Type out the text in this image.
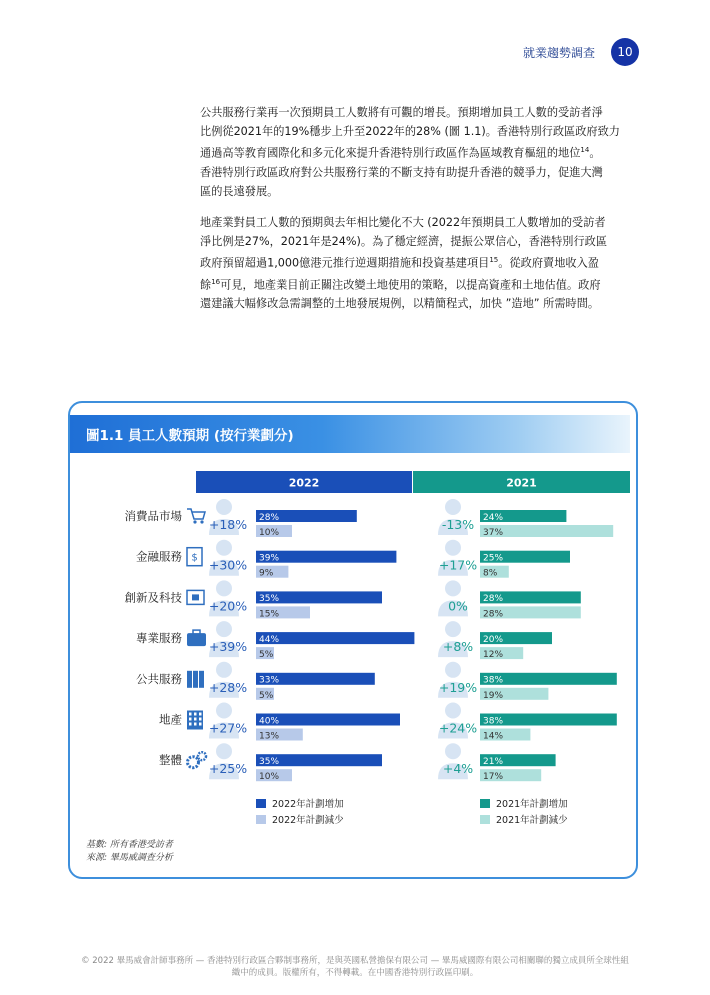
就業趨勢調查	10
公共服務行業再一次預期員工人數將有可觀的增長。預期增加員工人數的受訪者淨
比例從2021年的19%穩步上升至2022年的28% (圖 1.1)。香港特別行政區政府致力
通過高等教育國際化和多元化來提升香港特別行政區作為區域教育樞紐的地位$^{14}$。
香港特別行政區政府對公共服務行業的不斷支持有助提升香港的競爭力，促進大灣
區的長遠發展。
地產業對員工人數的預期與去年相比變化不大 (2022年預期員工人數增加的受訪者
淨比例是27%，2021年是24%)。為了穩定經濟，提振公眾信心，香港特別行政區
政府預留超過1,000億港元推行逆週期措施和投資基建項目$^{15}$。從政府賣地收入盈
餘$^{16}$可見，地產業目前正關注改變土地使用的策略，以提高資產和土地估值。政府
還建議大幅修改急需調整的土地發展規例，以精簡程式，加快 ”造地” 所需時間。
圖1.1 員工人數預期 (按行業劃分)
2022	2021
消費品市場
+18% 28%
10%
-13% 24%
37%
金融服務 $ +30% 39%
9%
+17% 25%
8%
創新及科技
+20% 35%
15%
0% 28%
28%
專業服務
+39% 44%
5%
+8% 20%
12%
公共服務
+28% 33%
5%
+19% 38%
19%
地產
+27% 40%
13%
+24% 38%
14%
整體
+25% 35%
10%
+4% 21%
17%
2022年計劃增加
2022年計劃減少
2021年計劃增加
2021年計劃減少
基數: 所有香港受訪者
來源: 畢馬威調查分析
© 2022 畢馬威會計師事務所 — 香港特別行政區合夥制事務所，是與英國私營擔保有限公司 — 畢馬威國際有限公司相關聯的獨立成員所全球性組
織中的成員。版權所有，不得轉載。在中國香港特別行政區印刷。
